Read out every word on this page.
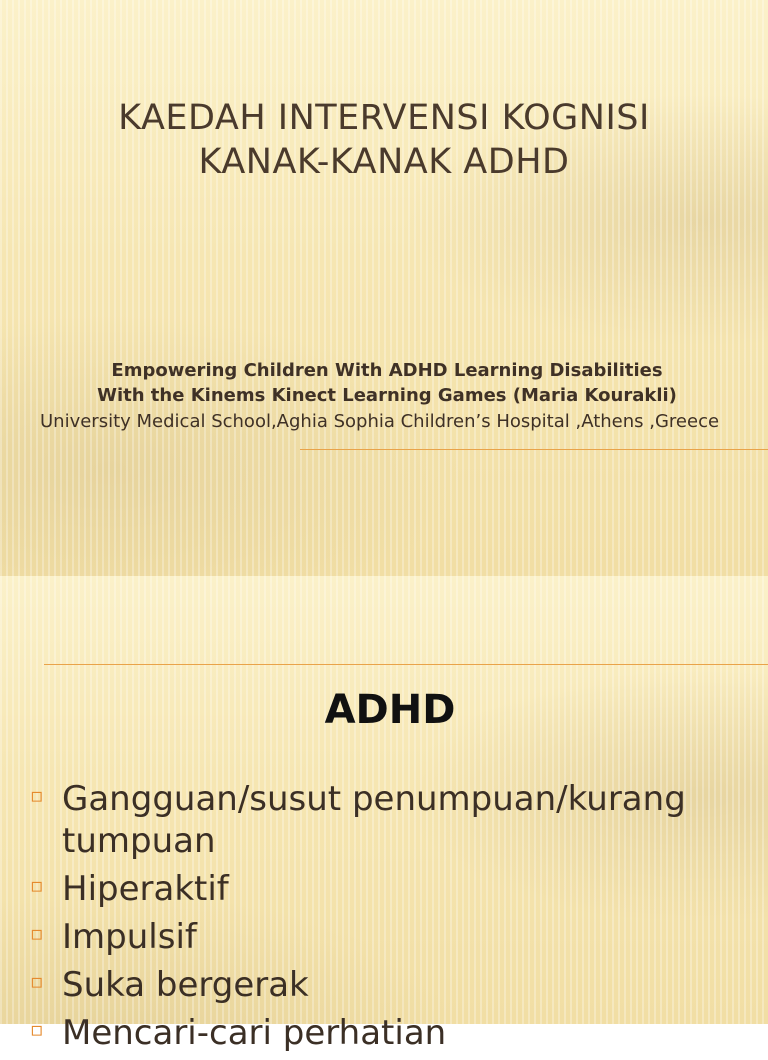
KAEDAH INTERVENSI KOGNISI
KANAK-KANAK ADHD
Empowering Children With ADHD Learning Disabilities
With the Kinems Kinect Learning Games (Maria Kourakli)
University Medical School,Aghia Sophia Children’s Hospital ,Athens ,Greece
ADHD
▫ Gangguan/susut penumpuan/kurang tumpuan
▫ Hiperaktif
▫ Impulsif
▫ Suka bergerak
▫ Mencari-cari perhatian
